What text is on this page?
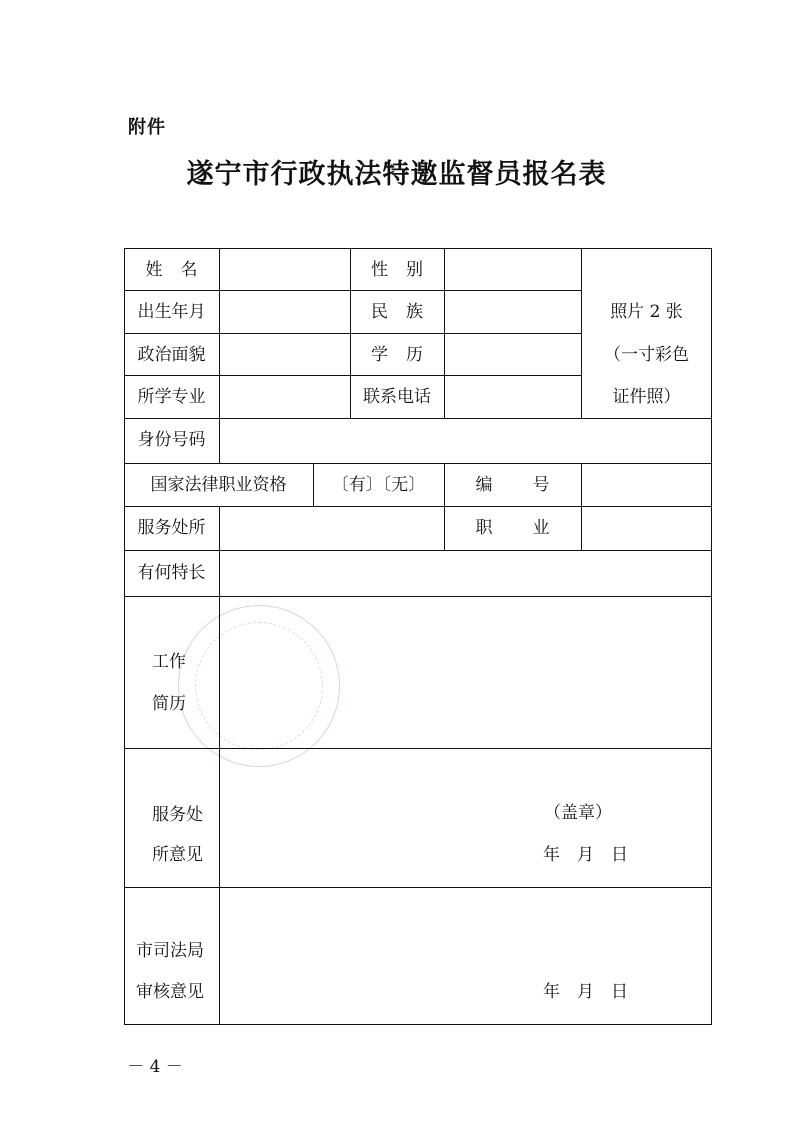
附件
遂宁市行政执法特邀监督员报名表
姓名	性别
出生年月	民族
政治面貌	学历
所学专业	联系电话
照片 2 张
（一寸彩色
证件照）
身份号码
国家法律职业资格	〔有〕〔无〕	编号
服务处所	职业
有何特长
工作
简历
服务处
所意见
（盖章）
年　月　日
市司法局
审核意见	年　月　日
－ 4 －
